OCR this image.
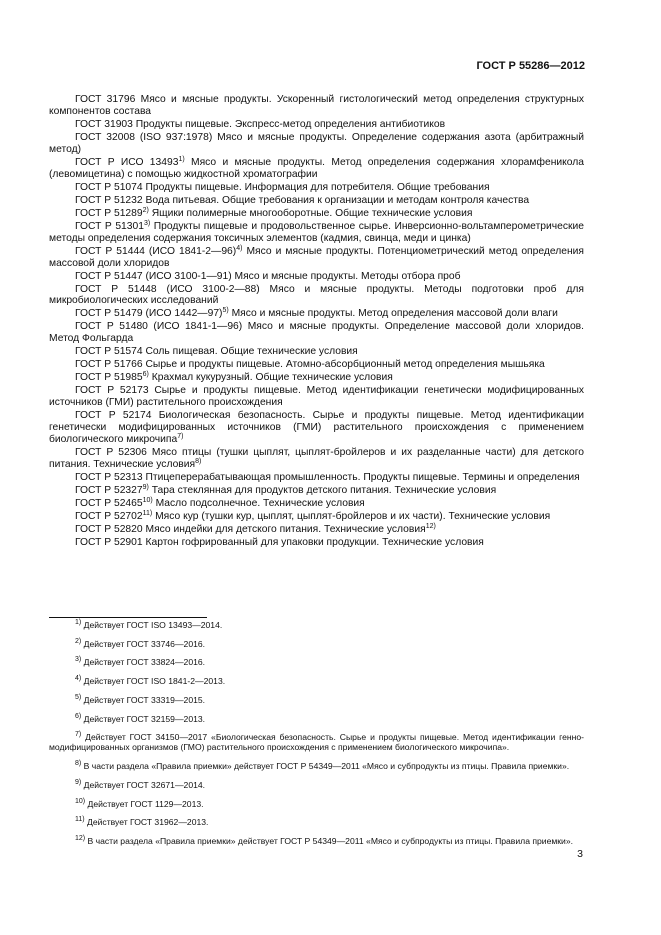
ГОСТ Р 55286—2012

ГОСТ 31796 Мясо и мясные продукты. Ускоренный гистологический метод определения структурных компонентов состава

ГОСТ 31903 Продукты пищевые. Экспресс-метод определения антибиотиков

ГОСТ 32008 (ISO 937:1978) Мясо и мясные продукты. Определение содержания азота (арбитражный метод)

ГОСТ Р ИСО 13493$^{1)}$ Мясо и мясные продукты. Метод определения содержания хлорамфеникола (левомицетина) с помощью жидкостной хроматографии

ГОСТ Р 51074 Продукты пищевые. Информация для потребителя. Общие требования

ГОСТ Р 51232 Вода питьевая. Общие требования к организации и методам контроля качества

ГОСТ Р 51289$^{2)}$ Ящики полимерные многооборотные. Общие технические условия

ГОСТ Р 51301$^{3)}$ Продукты пищевые и продовольственное сырье. Инверсионно-вольтамперометрические методы определения содержания токсичных элементов (кадмия, свинца, меди и цинка)

ГОСТ Р 51444 (ИСО 1841-2—96)$^{4)}$ Мясо и мясные продукты. Потенциометрический метод определения массовой доли хлоридов

ГОСТ Р 51447 (ИСО 3100-1—91) Мясо и мясные продукты. Методы отбора проб

ГОСТ Р 51448 (ИСО 3100-2—88) Мясо и мясные продукты. Методы подготовки проб для микробиологических исследований

ГОСТ Р 51479 (ИСО 1442—97)$^{5)}$ Мясо и мясные продукты. Метод определения массовой доли влаги

ГОСТ Р 51480 (ИСО 1841-1—96) Мясо и мясные продукты. Определение массовой доли хлоридов. Метод Фольгарда

ГОСТ Р 51574 Соль пищевая. Общие технические условия

ГОСТ Р 51766 Сырье и продукты пищевые. Атомно-абсорбционный метод определения мышьяка

ГОСТ Р 51985$^{6)}$ Крахмал кукурузный. Общие технические условия

ГОСТ Р 52173 Сырье и продукты пищевые. Метод идентификации генетически модифицированных источников (ГМИ) растительного происхождения

ГОСТ Р 52174 Биологическая безопасность. Сырье и продукты пищевые. Метод идентификации генетически модифицированных источников (ГМИ) растительного происхождения с применением биологического микрочипа$^{7)}$

ГОСТ Р 52306 Мясо птицы (тушки цыплят, цыплят-бройлеров и их разделанные части) для детского питания. Технические условия$^{8)}$

ГОСТ Р 52313 Птицеперерабатывающая промышленность. Продукты пищевые. Термины и определения

ГОСТ Р 52327$^{9)}$ Тара стеклянная для продуктов детского питания. Технические условия

ГОСТ Р 52465$^{10)}$ Масло подсолнечное. Технические условия

ГОСТ Р 52702$^{11)}$ Мясо кур (тушки кур, цыплят, цыплят-бройлеров и их части). Технические условия

ГОСТ Р 52820 Мясо индейки для детского питания. Технические условия$^{12)}$

ГОСТ Р 52901 Картон гофрированный для упаковки продукции. Технические условия

$^{1)}$ Действует ГОСТ ISO 13493—2014.

$^{2)}$ Действует ГОСТ 33746—2016.

$^{3)}$ Действует ГОСТ 33824—2016.

$^{4)}$ Действует ГОСТ ISO 1841-2—2013.

$^{5)}$ Действует ГОСТ 33319—2015.

$^{6)}$ Действует ГОСТ 32159—2013.

$^{7)}$ Действует ГОСТ 34150—2017 «Биологическая безопасность. Сырье и продукты пищевые. Метод идентификации генно-модифицированных организмов (ГМО) растительного происхождения с применением биологического микрочипа».

$^{8)}$ В части раздела «Правила приемки» действует ГОСТ Р 54349—2011 «Мясо и субпродукты из птицы. Правила приемки».

$^{9)}$ Действует ГОСТ 32671—2014.

$^{10)}$ Действует ГОСТ 1129—2013.

$^{11)}$ Действует ГОСТ 31962—2013.

$^{12)}$ В части раздела «Правила приемки» действует ГОСТ Р 54349—2011 «Мясо и субпродукты из птицы. Правила приемки».

3
